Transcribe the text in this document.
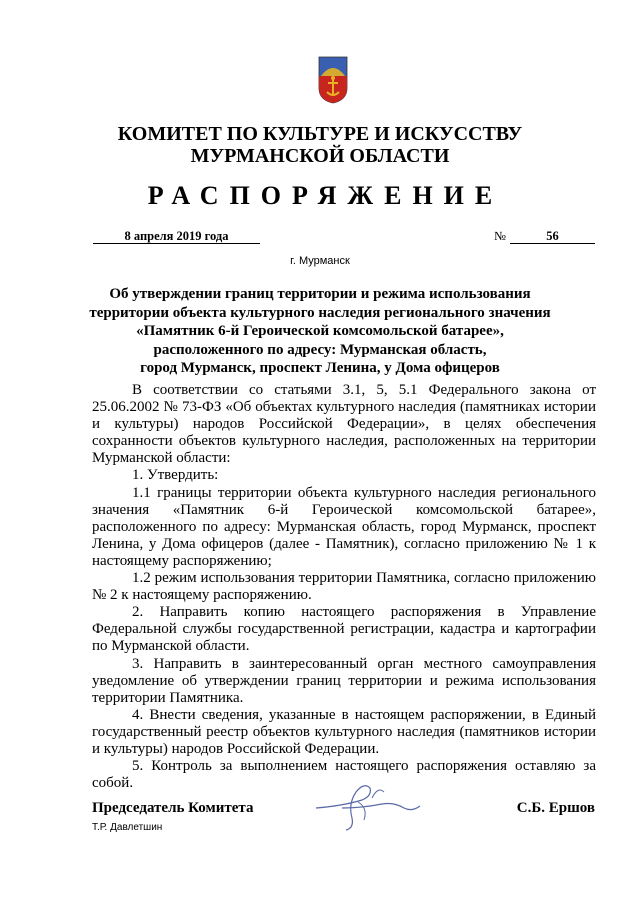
КОМИТЕТ ПО КУЛЬТУРЕ И ИСКУССТВУ
МУРМАНСКОЙ ОБЛАСТИ
РАСПОРЯЖЕНИЕ
8 апреля 2019 года	№	56
г. Мурманск
Об утверждении границ территории и режима использования
территории объекта культурного наследия регионального значения
«Памятник 6-й Героической комсомольской батарее»,
расположенного по адресу: Мурманская область,
город Мурманск, проспект Ленина, у Дома офицеров

В соответствии со статьями 3.1, 5, 5.1 Федерального закона от 25.06.2002 № 73-ФЗ «Об объектах культурного наследия (памятниках истории и культуры) народов Российской Федерации», в целях обеспечения сохранности объектов культурного наследия, расположенных на территории Мурманской области:

1. Утвердить:

1.1 границы территории объекта культурного наследия регионального значения «Памятник 6-й Героической комсомольской батарее», расположенного по адресу: Мурманская область, город Мурманск, проспект Ленина, у Дома офицеров (далее - Памятник), согласно приложению № 1 к настоящему распоряжению;

1.2 режим использования территории Памятника, согласно приложению № 2 к настоящему распоряжению.

2. Направить копию настоящего распоряжения в Управление Федеральной службы государственной регистрации, кадастра и картографии по Мурманской области.

3. Направить в заинтересованный орган местного самоуправления уведомление об утверждении границ территории и режима использования территории Памятника.

4. Внести сведения, указанные в настоящем распоряжении, в Единый государственный реестр объектов культурного наследия (памятников истории и культуры) народов Российской Федерации.

5. Контроль за выполнением настоящего распоряжения оставляю за собой.

Председатель Комитета	С.Б. Ершов
Т.Р. Давлетшин
